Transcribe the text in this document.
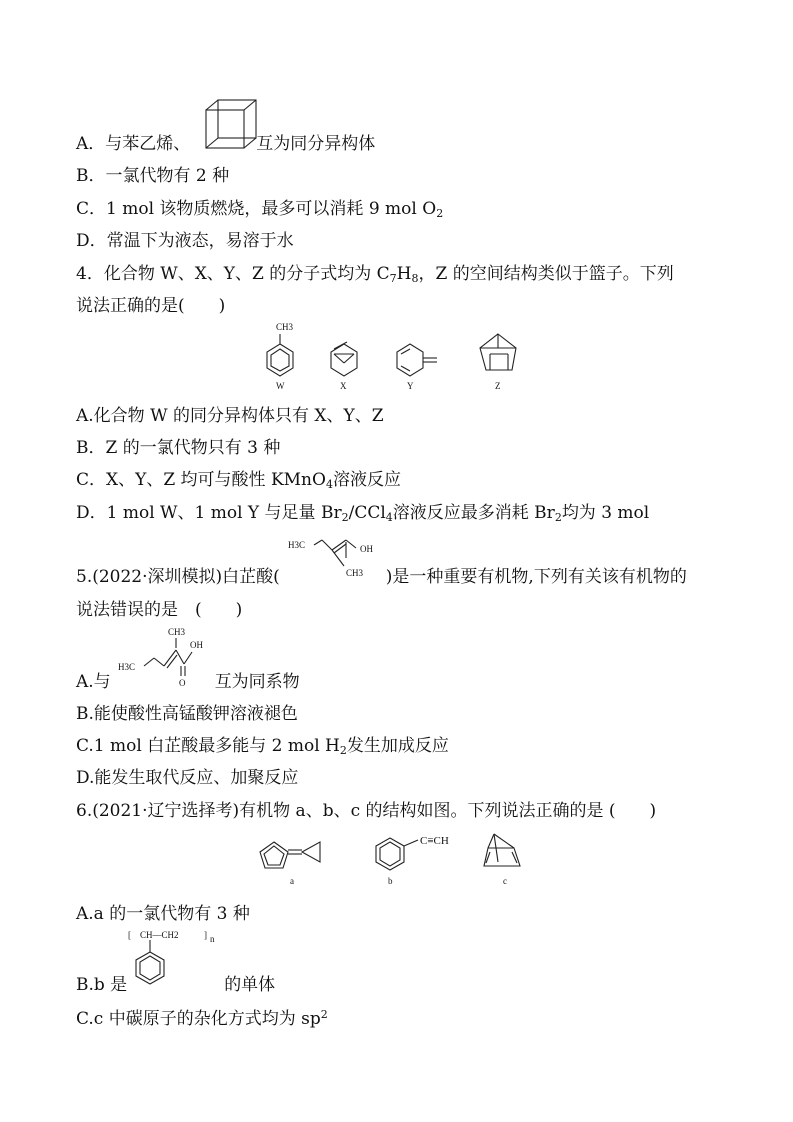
A．与苯乙烯、	互为同分异构体
B．一氯代物有 2 种
C．1 mol 该物质燃烧，最多可以消耗 9 mol $O_2$
D．常温下为液态，易溶于水
4．化合物 W、X、Y、Z 的分子式均为 $C_7H_8$，Z 的空间结构类似于篮子。下列
说法正确的是(　　)
CH3
W	X	Y	Z
A.化合物 W 的同分异构体只有 X、Y、Z
B．Z 的一氯代物只有 3 种
C．X、Y、Z 均可与酸性 KMnO$_4$溶液反应
D．1 mol W、1 mol Y 与足量 $Br_2/CCl_4$溶液反应最多消耗 $Br_2$均为 3 mol
H3C	OH
CH3
5.(2022·深圳模拟)白芷酸(	)是一种重要有机物,下列有关该有机物的
说法错误的是　(　　)
CH3
OH
H3C
O
A.与	互为同系物
B.能使酸性高锰酸钾溶液褪色
C.1 mol 白芷酸最多能与 2 mol $H_2$发生加成反应
D.能发生取代反应、加聚反应
6.(2021·辽宁选择考)有机物 a、b、c 的结构如图。下列说法正确的是 (　　)
a
C≡CH
b	c
A.a 的一氯代物有 3 种
[ CH—CH2	] n
B.b 是	的单体
C.c 中碳原子的杂化方式均为 $sp^2$
